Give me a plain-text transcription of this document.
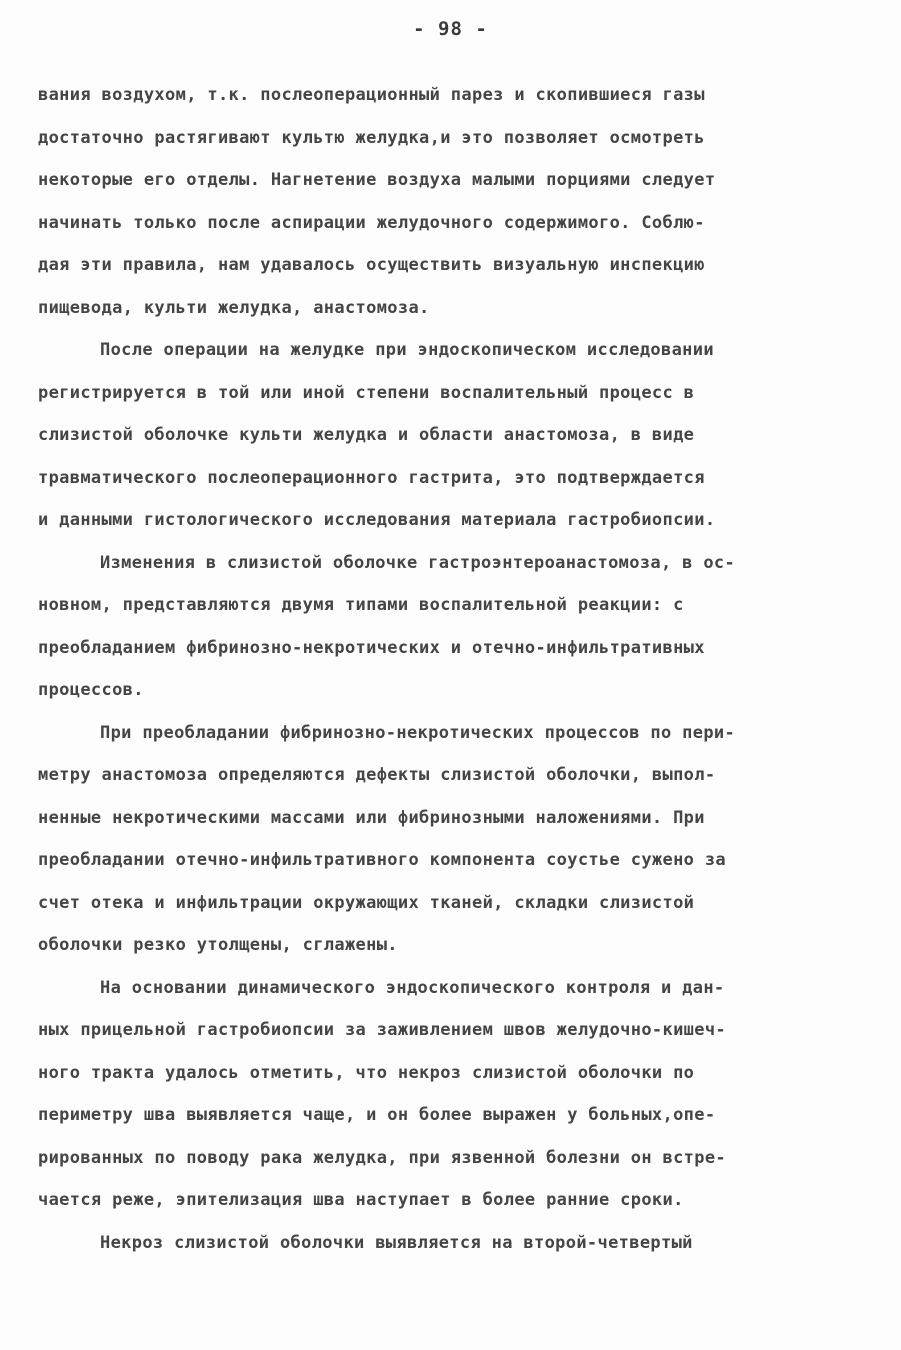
- 98 -
вания воздухом, т.к. послеоперационный парез и скопившиеся газы
достаточно растягивают культю желудка,и это позволяет осмотреть
некоторые его отделы. Нагнетение воздуха малыми порциями следует
начинать только после аспирации желудочного содержимого. Соблю-
дая эти правила, нам удавалось осуществить визуальную инспекцию
пищевода, культи желудка, анастомоза.
После операции на желудке при эндоскопическом исследовании
регистрируется в той или иной степени воспалительный процесс в
слизистой оболочке культи желудка и области анастомоза, в виде
травматического послеоперационного гастрита, это подтверждается
и данными гистологического исследования материала гастробиопсии.
Изменения в слизистой оболочке гастроэнтероанастомоза, в ос-
новном, представляются двумя типами воспалительной реакции: с
преобладанием фибринозно-некротических и отечно-инфильтративных
процессов.
При преобладании фибринозно-некротических процессов по пери-
метру анастомоза определяются дефекты слизистой оболочки, выпол-
ненные некротическими массами или фибринозными наложениями. При
преобладании отечно-инфильтративного компонента соустье сужено за
счет отека и инфильтрации окружающих тканей, складки слизистой
оболочки резко утолщены, сглажены.
На основании динамического эндоскопического контроля и дан-
ных прицельной гастробиопсии за заживлением швов желудочно-кишеч-
ного тракта удалось отметить, что некроз слизистой оболочки по
периметру шва выявляется чаще, и он более выражен у больных,опе-
рированных по поводу рака желудка, при язвенной болезни он встре-
чается реже, эпителизация шва наступает в более ранние сроки.
Некроз слизистой оболочки выявляется на второй-четвертый
